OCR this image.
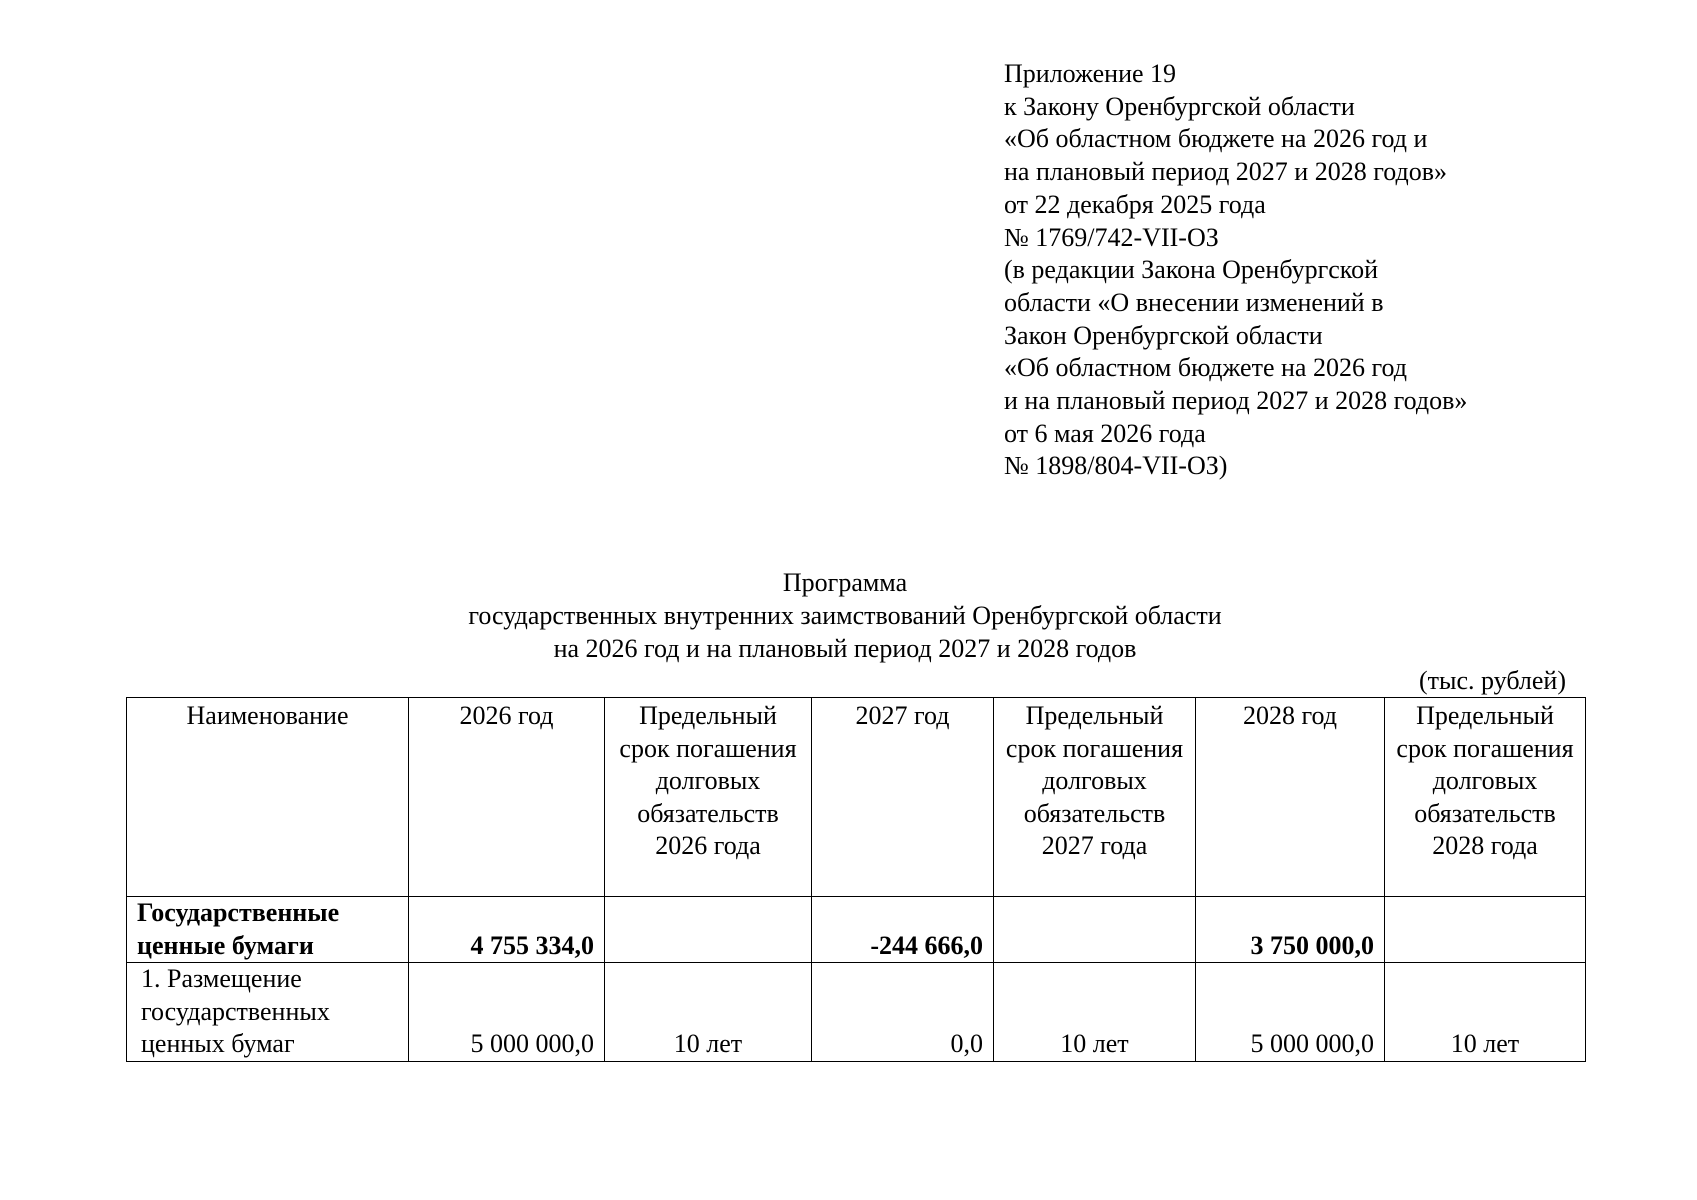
Приложение 19
к Закону Оренбургской области
«Об областном бюджете на 2026 год и
на плановый период 2027 и 2028 годов»
от 22 декабря 2025 года
№ 1769/742-VII-ОЗ
(в редакции Закона Оренбургской
области «О внесении изменений в
Закон Оренбургской области
«Об областном бюджете на 2026 год
и на плановый период 2027 и 2028 годов»
от 6 мая 2026 года
№ 1898/804-VII-ОЗ)
Программа
государственных внутренних заимствований Оренбургской области
на 2026 год и на плановый период 2027 и 2028 годов
(тыс. рублей)
Наименование	2026 год	Предельный срок погашения долговых обязательств 2026 года	2027 год	Предельный срок погашения долговых обязательств 2027 года	2028 год	Предельный срок погашения долговых обязательств 2028 года
Государственные ценные бумаги	4 755 334,0		-244 666,0		3 750 000,0	
1. Размещение государственных ценных бумаг	5 000 000,0	10 лет	0,0	10 лет	5 000 000,0	10 лет
